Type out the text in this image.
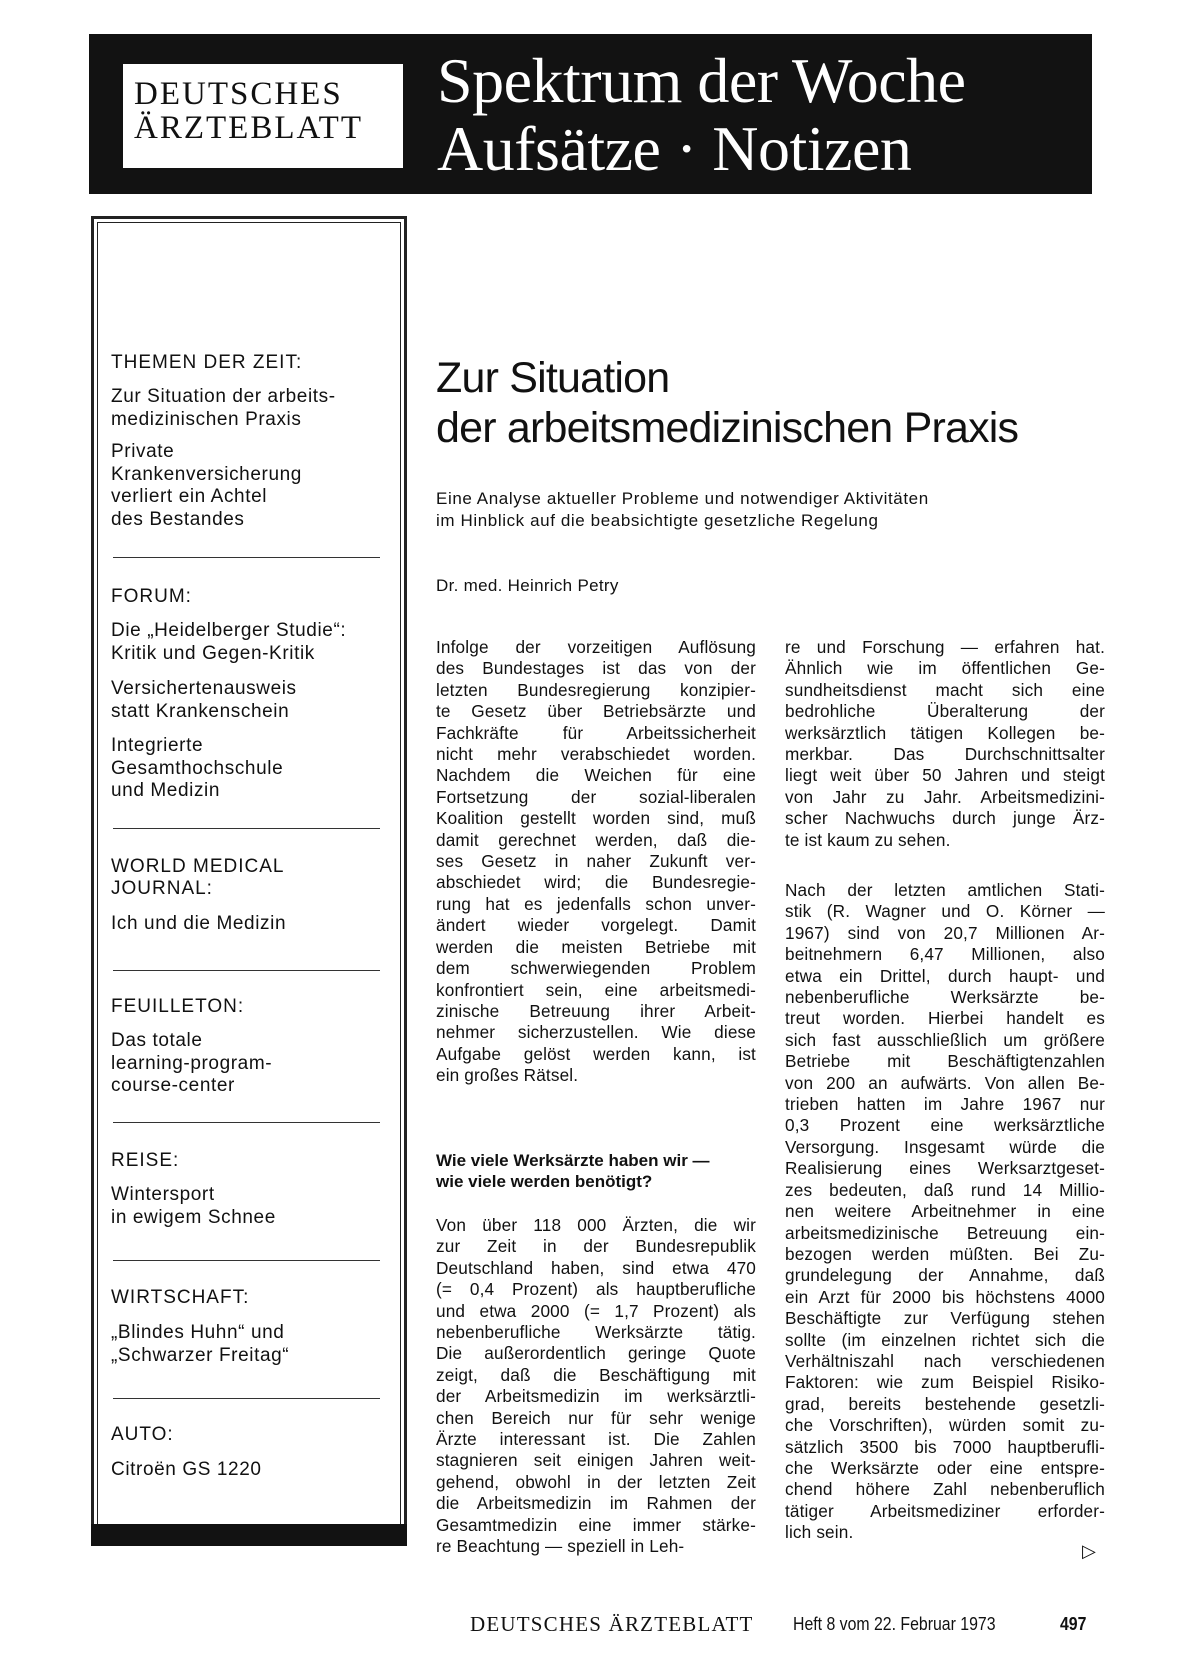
DEUTSCHES
ÄRZTEBLATT
Spektrum der Woche
Aufsätze · Notizen
THEMEN DER ZEIT:
Zur Situation der arbeits-
medizinischen Praxis
Private
Krankenversicherung
verliert ein Achtel
des Bestandes
FORUM:
Die „Heidelberger Studie“:
Kritik und Gegen-Kritik
Versichertenausweis
statt Krankenschein
Integrierte
Gesamthochschule
und Medizin
WORLD MEDICAL
JOURNAL:
Ich und die Medizin
FEUILLETON:
Das totale
learning-program-
course-center
REISE:
Wintersport
in ewigem Schnee
WIRTSCHAFT:
„Blindes Huhn“ und
„Schwarzer Freitag“
AUTO:
Citroën GS 1220
Zur Situation
der arbeitsmedizinischen Praxis
Eine Analyse aktueller Probleme und notwendiger Aktivitäten
im Hinblick auf die beabsichtigte gesetzliche Regelung
Dr. med. Heinrich Petry
Infolge der vorzeitigen Auflösung
des Bundestages ist das von der
letzten Bundesregierung konzipier-
te Gesetz über Betriebsärzte und
Fachkräfte für Arbeitssicherheit
nicht mehr verabschiedet worden.
Nachdem die Weichen für eine
Fortsetzung der sozial-liberalen
Koalition gestellt worden sind, muß
damit gerechnet werden, daß die-
ses Gesetz in naher Zukunft ver-
abschiedet wird; die Bundesregie-
rung hat es jedenfalls schon unver-
ändert wieder vorgelegt. Damit
werden die meisten Betriebe mit
dem schwerwiegenden Problem
konfrontiert sein, eine arbeitsmedi-
zinische Betreuung ihrer Arbeit-
nehmer sicherzustellen. Wie diese
Aufgabe gelöst werden kann, ist
ein großes Rätsel.
Wie viele Werksärzte haben wir —
wie viele werden benötigt?
Von über 118 000 Ärzten, die wir
zur Zeit in der Bundesrepublik
Deutschland haben, sind etwa 470
(= 0,4 Prozent) als hauptberufliche
und etwa 2000 (= 1,7 Prozent) als
nebenberufliche Werksärzte tätig.
Die außerordentlich geringe Quote
zeigt, daß die Beschäftigung mit
der Arbeitsmedizin im werksärztli-
chen Bereich nur für sehr wenige
Ärzte interessant ist. Die Zahlen
stagnieren seit einigen Jahren weit-
gehend, obwohl in der letzten Zeit
die Arbeitsmedizin im Rahmen der
Gesamtmedizin eine immer stärke-
re Beachtung — speziell in Leh-
re und Forschung — erfahren hat.
Ähnlich wie im öffentlichen Ge-
sundheitsdienst macht sich eine
bedrohliche Überalterung der
werksärztlich tätigen Kollegen be-
merkbar. Das Durchschnittsalter
liegt weit über 50 Jahren und steigt
von Jahr zu Jahr. Arbeitsmedizini-
scher Nachwuchs durch junge Ärz-
te ist kaum zu sehen.
Nach der letzten amtlichen Stati-
stik (R. Wagner und O. Körner —
1967) sind von 20,7 Millionen Ar-
beitnehmern 6,47 Millionen, also
etwa ein Drittel, durch haupt- und
nebenberufliche Werksärzte be-
treut worden. Hierbei handelt es
sich fast ausschließlich um größere
Betriebe mit Beschäftigtenzahlen
von 200 an aufwärts. Von allen Be-
trieben hatten im Jahre 1967 nur
0,3 Prozent eine werksärztliche
Versorgung. Insgesamt würde die
Realisierung eines Werksarztgeset-
zes bedeuten, daß rund 14 Millio-
nen weitere Arbeitnehmer in eine
arbeitsmedizinische Betreuung ein-
bezogen werden müßten. Bei Zu-
grundelegung der Annahme, daß
ein Arzt für 2000 bis höchstens 4000
Beschäftigte zur Verfügung stehen
sollte (im einzelnen richtet sich die
Verhältniszahl nach verschiedenen
Faktoren: wie zum Beispiel Risiko-
grad, bereits bestehende gesetzli-
che Vorschriften), würden somit zu-
sätzlich 3500 bis 7000 hauptberufli-
che Werksärzte oder eine entspre-
chend höhere Zahl nebenberuflich
tätiger Arbeitsmediziner erforder-
lich sein.
▷
DEUTSCHES ÄRZTEBLATT Heft 8 vom 22. Februar 1973	497
